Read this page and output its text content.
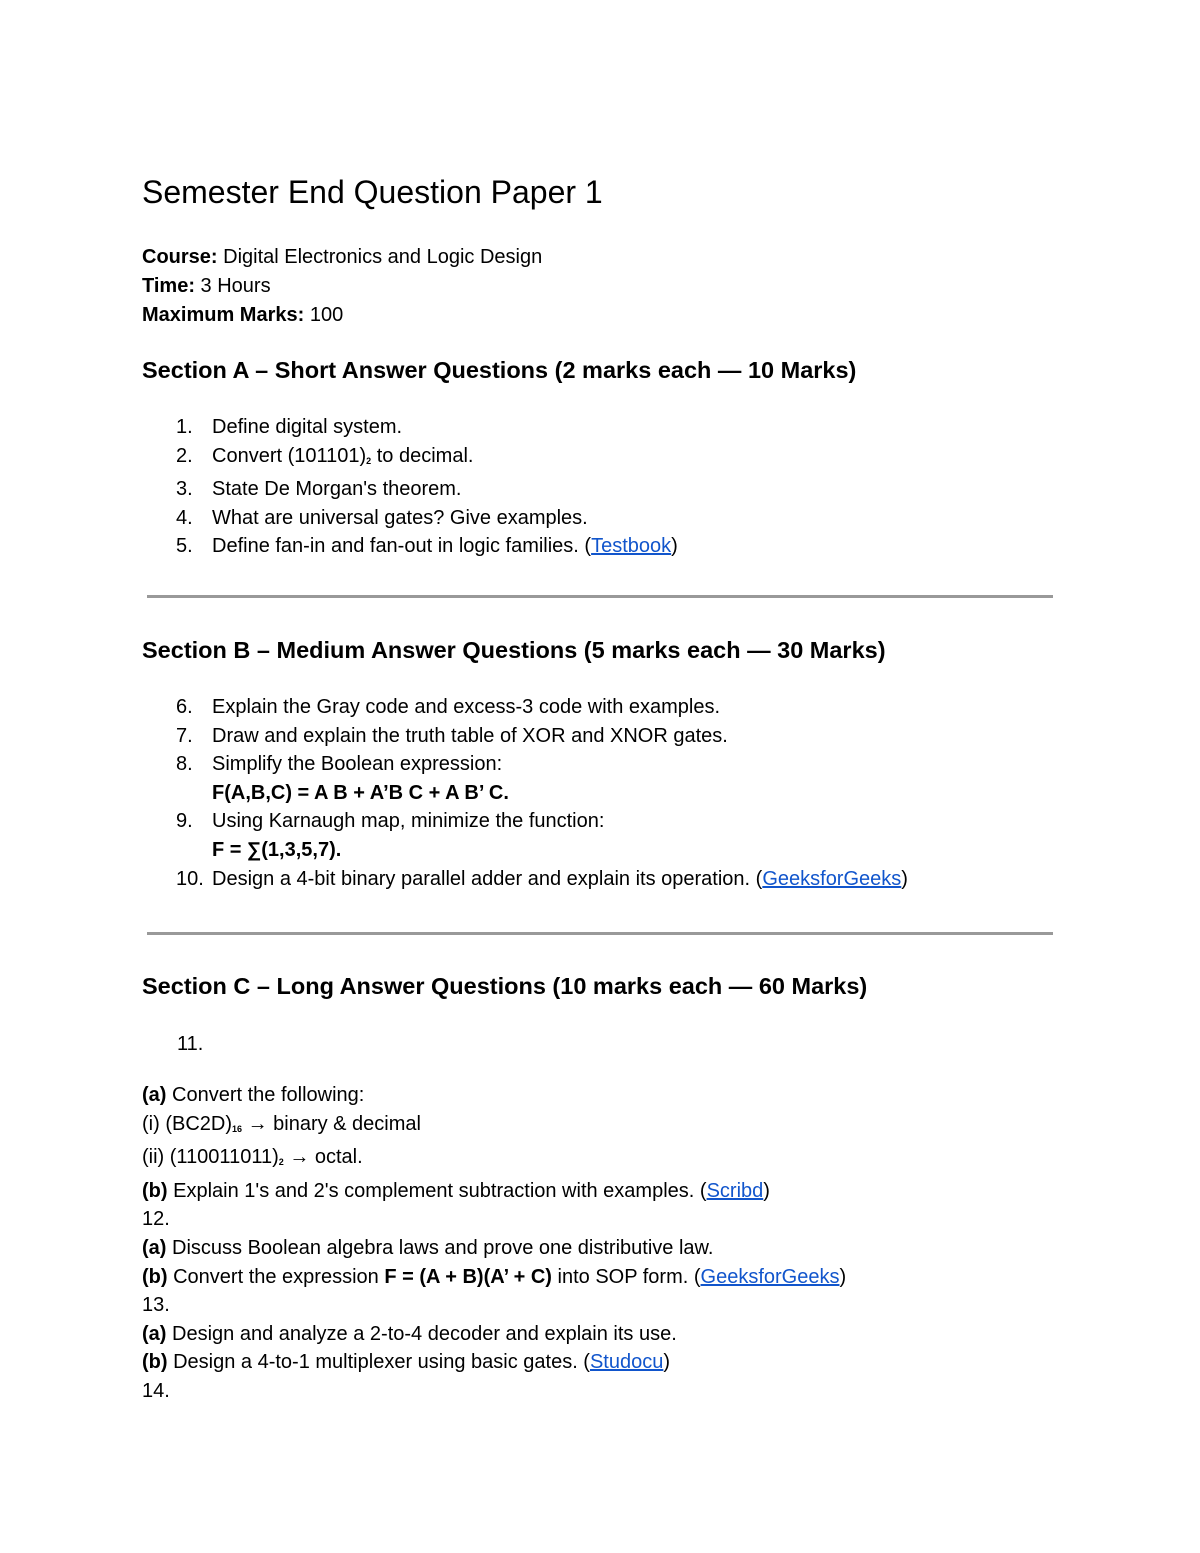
Semester End Question Paper 1
Course: Digital Electronics and Logic Design
Time: 3 Hours
Maximum Marks: 100
Section A – Short Answer Questions (2 marks each — 10 Marks)
1. Define digital system.
2. Convert $(101101)_2$ to decimal.
3. State De Morgan's theorem.
4. What are universal gates? Give examples.
5. Define fan-in and fan-out in logic families. (Testbook)
Section B – Medium Answer Questions (5 marks each — 30 Marks)
6. Explain the Gray code and excess-3 code with examples.
7. Draw and explain the truth table of XOR and XNOR gates.
8. Simplify the Boolean expression:
F(A,B,C) = A B + A’B C + A B’ C.
9. Using Karnaugh map, minimize the function:
F = ∑(1,3,5,7).
10. Design a 4-bit binary parallel adder and explain its operation. (GeeksforGeeks)
Section C – Long Answer Questions (10 marks each — 60 Marks)
11.
(a) Convert the following:
(i) $(BC2D)_{16}$ → binary & decimal
(ii) $(110011011)_2$ → octal.
(b) Explain 1's and 2's complement subtraction with examples. (Scribd)
12.
(a) Discuss Boolean algebra laws and prove one distributive law.
(b) Convert the expression F = (A + B)(A’ + C) into SOP form. (GeeksforGeeks)
13.
(a) Design and analyze a 2-to-4 decoder and explain its use.
(b) Design a 4-to-1 multiplexer using basic gates. (Studocu)
14.
